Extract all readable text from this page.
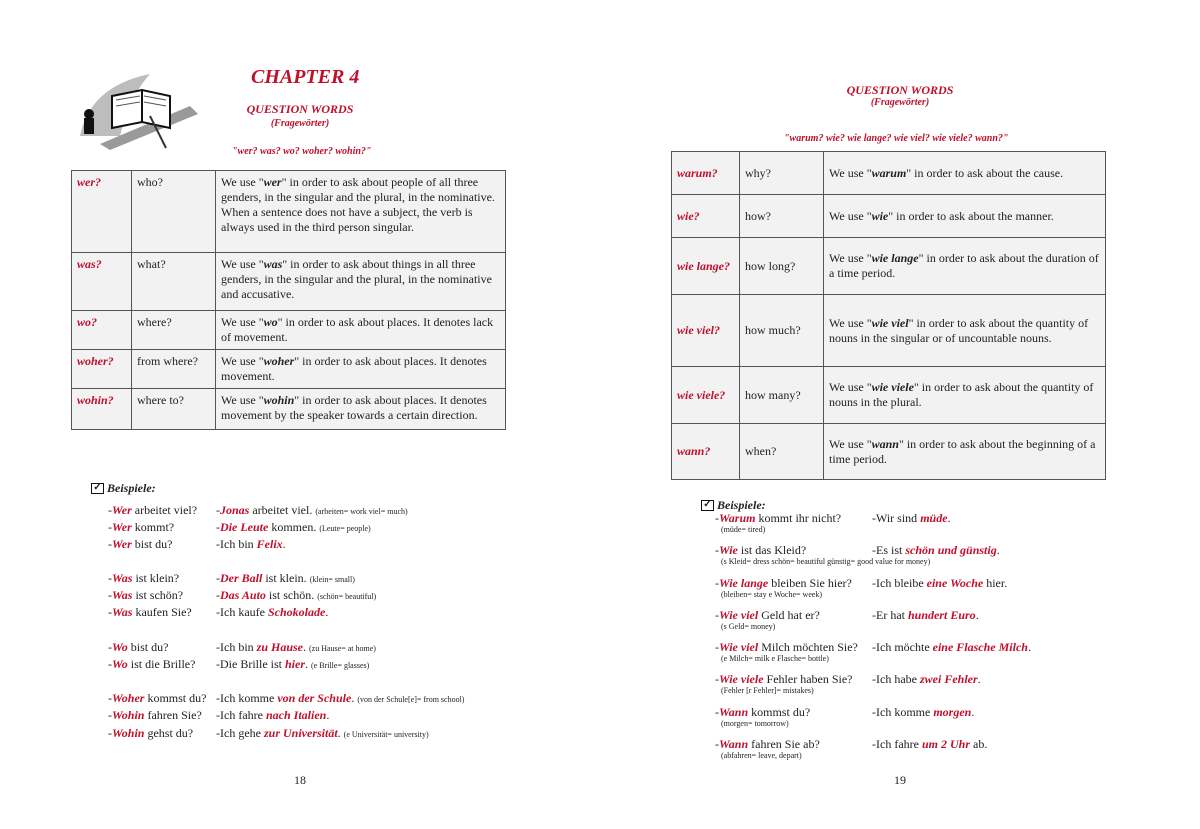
CHAPTER 4
QUESTION WORDS
(Fragewörter)
"wer? was? wo? woher? wohin?"
wer?	who?	We use "wer" in order to ask about people of all three genders, in the singular and the plural, in the nominative. When a sentence does not have a subject, the verb is always used in the third person singular.
was?	what?	We use "was" in order to ask about things in all three genders, in the singular and the plural, in the nominative and accusative.
wo?	where?	We use "wo" in order to ask about places. It denotes lack of movement.
woher?	from where?	We use "woher" in order to ask about places. It denotes movement.
wohin?	where to?	We use "wohin" in order to ask about places. It denotes movement by the speaker towards a certain direction.
✓ Beispiele:
-Wer arbeitet viel? -Jonas arbeitet viel. (arbeiten= work viel= much)
-Wer kommt?	-Die Leute kommen. (Leute= people)
-Wer bist du?	-Ich bin Felix.
-Was ist klein?	-Der Ball ist klein. (klein= small)
-Was ist schön?	-Das Auto ist schön. (schön= beautiful)
-Was kaufen Sie? -Ich kaufe Schokolade.
-Wo bist du?	-Ich bin zu Hause. (zu Hause= at home)
-Wo ist die Brille? -Die Brille ist hier. (e Brille= glasses)
-Woher kommst du? -Ich komme von der Schule. (von der Schule[e]= from school)
-Wohin fahren Sie? -Ich fahre nach Italien.
-Wohin gehst du? -Ich gehe zur Universität. (e Universität= university)
18
QUESTION WORDS
(Fragewörter)
"warum? wie? wie lange? wie viel? wie viele? wann?"
warum?	why?	We use "warum" in order to ask about the cause.
wie?	how?	We use "wie" in order to ask about the manner.
wie lange?	how long?	We use "wie lange" in order to ask about the duration of a time period.
wie viel?	how much?	We use "wie viel" in order to ask about the quantity of nouns in the singular or of uncountable nouns.
wie viele?	how many?	We use "wie viele" in order to ask about the quantity of nouns in the plural.
wann?	when?	We use "wann" in order to ask about the beginning of a time period.
✓ Beispiele:
-Warum kommt ihr nicht?	-Wir sind müde.
(müde= tired)
-Wie ist das Kleid?	-Es ist schön und günstig.
(s Kleid= dress schön= beautiful günstig= good value for money)
-Wie lange bleiben Sie hier? -Ich bleibe eine Woche hier.
(bleiben= stay e Woche= week)
-Wie viel Geld hat er?	-Er hat hundert Euro.
(s Geld= money)
-Wie viel Milch möchten Sie? -Ich möchte eine Flasche Milch.
(e Milch= milk e Flasche= bottle)
-Wie viele Fehler haben Sie? -Ich habe zwei Fehler.
(Fehler [r Fehler]= mistakes)
-Wann kommst du?	-Ich komme morgen.
(morgen= tomorrow)
-Wann fahren Sie ab?	-Ich fahre um 2 Uhr ab.
(abfahren= leave, depart)
19
